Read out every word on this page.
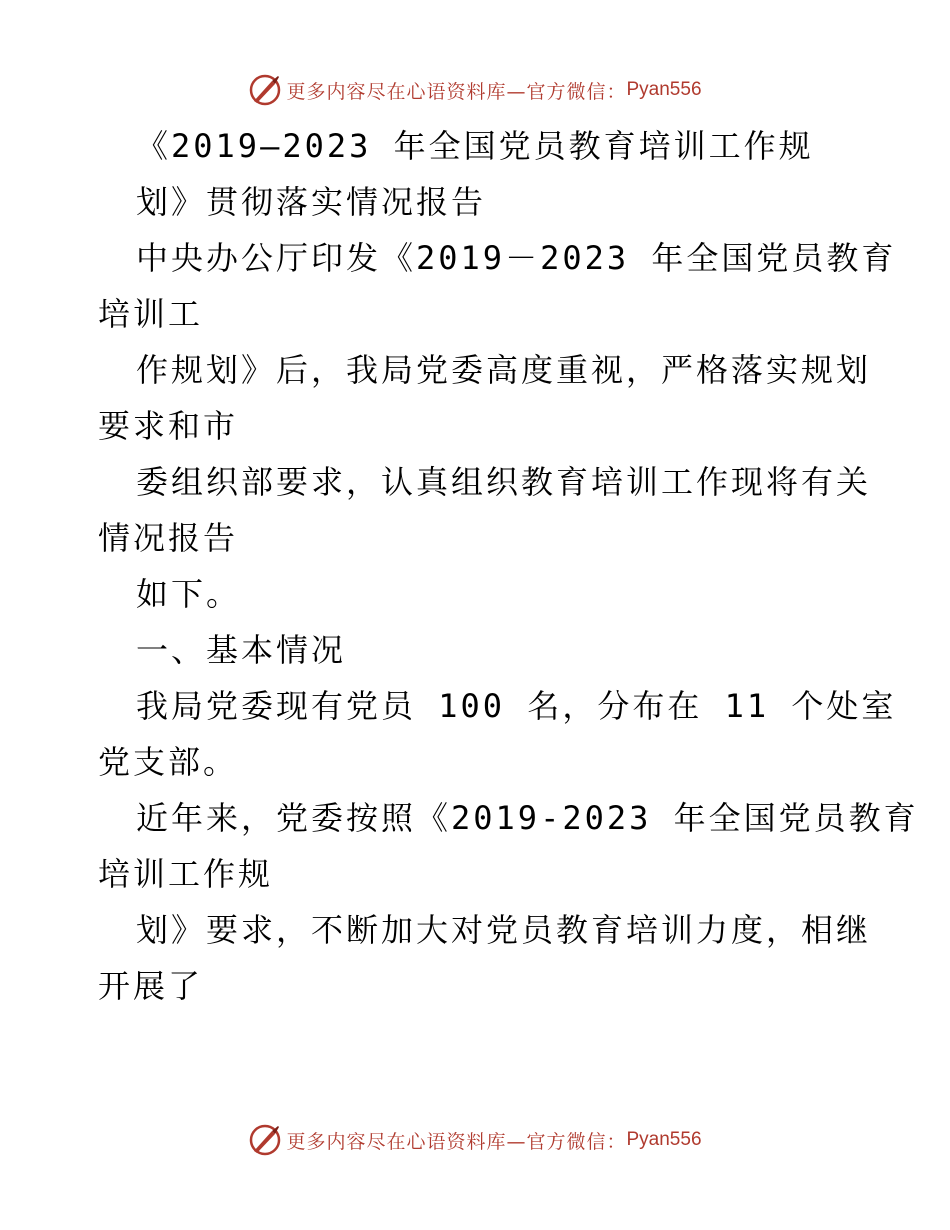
更多内容尽在心语资料库—官方微信： Pyan556
《2019—2023 年全国党员教育培训工作规
划》贯彻落实情况报告
中央办公厅印发《2019－2023 年全国党员教育
培训工
作规划》后，我局党委高度重视，严格落实规划
要求和市
委组织部要求，认真组织教育培训工作现将有关
情况报告
如下。
一、基本情况
我局党委现有党员 100 名，分布在 11 个处室
党支部。
近年来，党委按照《2019-2023 年全国党员教育
培训工作规
划》要求，不断加大对党员教育培训力度，相继
开展了
更多内容尽在心语资料库—官方微信： Pyan556
